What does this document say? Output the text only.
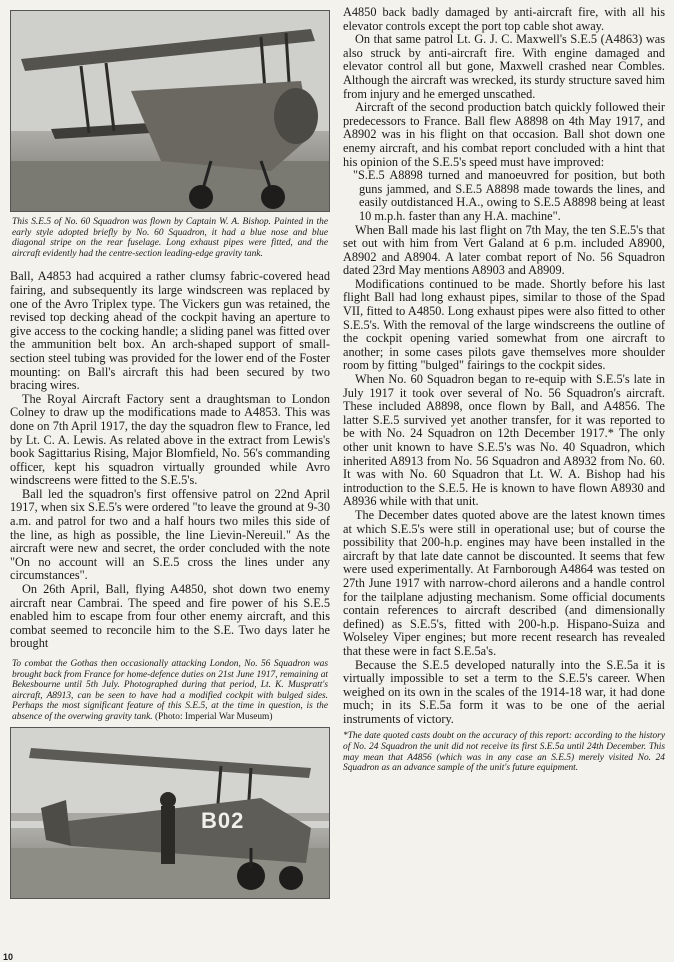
This S.E.5 of No. 60 Squadron was flown by Captain W. A. Bishop. Painted in the early style adopted briefly by No. 60 Squadron, it had a blue nose and blue diagonal stripe on the rear fuselage. Long exhaust pipes were fitted, and the aircraft evidently had the centre-section leading-edge gravity tank.

Ball, A4853 had acquired a rather clumsy fabric-covered head fairing, and subsequently its large windscreen was replaced by one of the Avro Triplex type. The Vickers gun was retained, the revised top decking ahead of the cockpit having an aperture to give access to the cocking handle; a sliding panel was fitted over the ammunition belt box. An arch-shaped support of small-section steel tubing was provided for the lower end of the Foster mounting: on Ball's aircraft this had been secured by two bracing wires.

The Royal Aircraft Factory sent a draughtsman to London Colney to draw up the modifications made to A4853. This was done on 7th April 1917, the day the squadron flew to France, led by Lt. C. A. Lewis. As related above in the extract from Lewis's book Sagittarius Rising, Major Blomfield, No. 56's commanding officer, kept his squadron virtually grounded while Avro windscreens were fitted to the S.E.5's.

Ball led the squadron's first offensive patrol on 22nd April 1917, when six S.E.5's were ordered "to leave the ground at 9-30 a.m. and patrol for two and a half hours two miles this side of the line, as high as possible, the line Lievin-Nereuil." As the aircraft were new and secret, the order concluded with the note "On no account will an S.E.5 cross the lines under any circumstances".

On 26th April, Ball, flying A4850, shot down two enemy aircraft near Cambrai. The speed and fire power of his S.E.5 enabled him to escape from four other enemy aircraft, and this combat seemed to reconcile him to the S.E. Two days later he brought

To combat the Gothas then occasionally attacking London, No. 56 Squadron was brought back from France for home-defence duties on 21st June 1917, remaining at Bekesbourne until 5th July. Photographed during that period, Lt. K. Muspratt's aircraft, A8913, can be seen to have had a modified cockpit with bulged sides. Perhaps the most significant feature of this S.E.5, at the time in question, is the absence of the overwing gravity tank. (Photo: Imperial War Museum)
B02

A4850 back badly damaged by anti-aircraft fire, with all his elevator controls except the port top cable shot away.

On that same patrol Lt. G. J. C. Maxwell's S.E.5 (A4863) was also struck by anti-aircraft fire. With engine damaged and elevator control all but gone, Maxwell crashed near Combles. Although the aircraft was wrecked, its sturdy structure saved him from injury and he emerged unscathed.

Aircraft of the second production batch quickly followed their predecessors to France. Ball flew A8898 on 4th May 1917, and A8902 was in his flight on that occasion. Ball shot down one enemy aircraft, and his combat report concluded with a hint that his opinion of the S.E.5's speed must have improved:

"S.E.5 A8898 turned and manoeuvred for position, but both guns jammed, and S.E.5 A8898 made towards the lines, and easily outdistanced H.A., owing to S.E.5 A8898 being at least 10 m.p.h. faster than any H.A. machine".

When Ball made his last flight on 7th May, the ten S.E.5's that set out with him from Vert Galand at 6 p.m. included A8900, A8902 and A8904. A later combat report of No. 56 Squadron dated 23rd May mentions A8903 and A8909.

Modifications continued to be made. Shortly before his last flight Ball had long exhaust pipes, similar to those of the Spad VII, fitted to A4850. Long exhaust pipes were also fitted to other S.E.5's. With the removal of the large windscreens the outline of the cockpit opening varied somewhat from one aircraft to another; in some cases pilots gave themselves more shoulder room by fitting "bulged" fairings to the cockpit sides.

When No. 60 Squadron began to re-equip with S.E.5's late in July 1917 it took over several of No. 56 Squadron's aircraft. These included A8898, once flown by Ball, and A4856. The latter S.E.5 survived yet another transfer, for it was reported to be with No. 24 Squadron on 12th December 1917.* The only other unit known to have S.E.5's was No. 40 Squadron, which inherited A8913 from No. 56 Squadron and A8932 from No. 60. It was with No. 60 Squadron that Lt. W. A. Bishop had his introduction to the S.E.5. He is known to have flown A8930 and A8936 while with that unit.

The December dates quoted above are the latest known times at which S.E.5's were still in operational use; but of course the possibility that 200-h.p. engines may have been installed in the aircraft by that late date cannot be discounted. It seems that few were used experimentally. At Farnborough A4864 was tested on 27th June 1917 with narrow-chord ailerons and a handle control for the tailplane adjusting mechanism. Some official documents contain references to aircraft described (and dimensionally defined) as S.E.5's, fitted with 200-h.p. Hispano-Suiza and Wolseley Viper engines; but more recent research has revealed that these were in fact S.E.5a's.

Because the S.E.5 developed naturally into the S.E.5a it is virtually impossible to set a term to the S.E.5's career. When weighed on its own in the scales of the 1914-18 war, it had done much; in its S.E.5a form it was to be one of the aerial instruments of victory.

*The date quoted casts doubt on the accuracy of this report: according to the history of No. 24 Squadron the unit did not receive its first S.E.5a until 24th December. This may mean that A4856 (which was in any case an S.E.5) merely visited No. 24 Squadron as an advance sample of the unit's future equipment.
10
